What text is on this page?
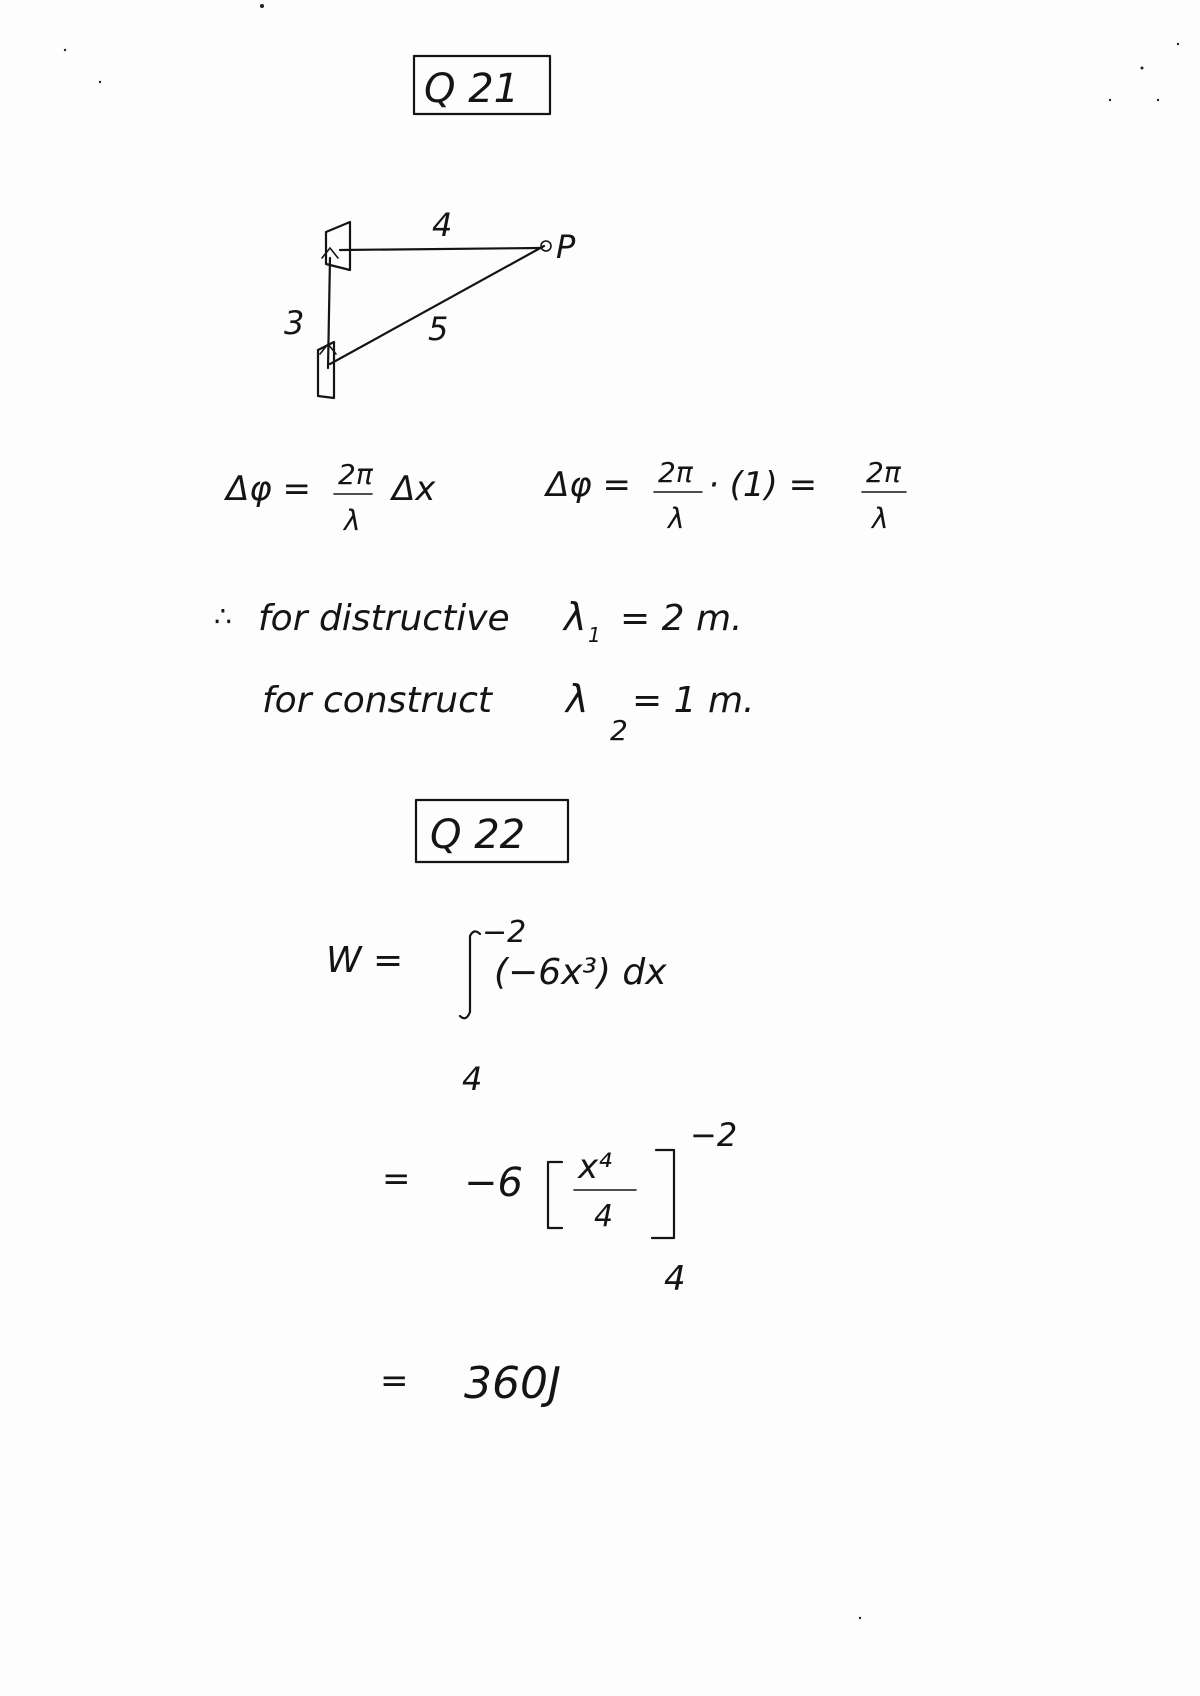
Q 21
4
3	5
P
Δφ = 2π
λ
Δx	Δφ = 2π
λ
· (1) = 2π
λ
∴ for distructive λ 1 = 2 m.
for construct λ
2
= 1 m.
Q 22
W =
−2
(−6x³) dx
4
= −6 x⁴
4
−2
4
= 360J
